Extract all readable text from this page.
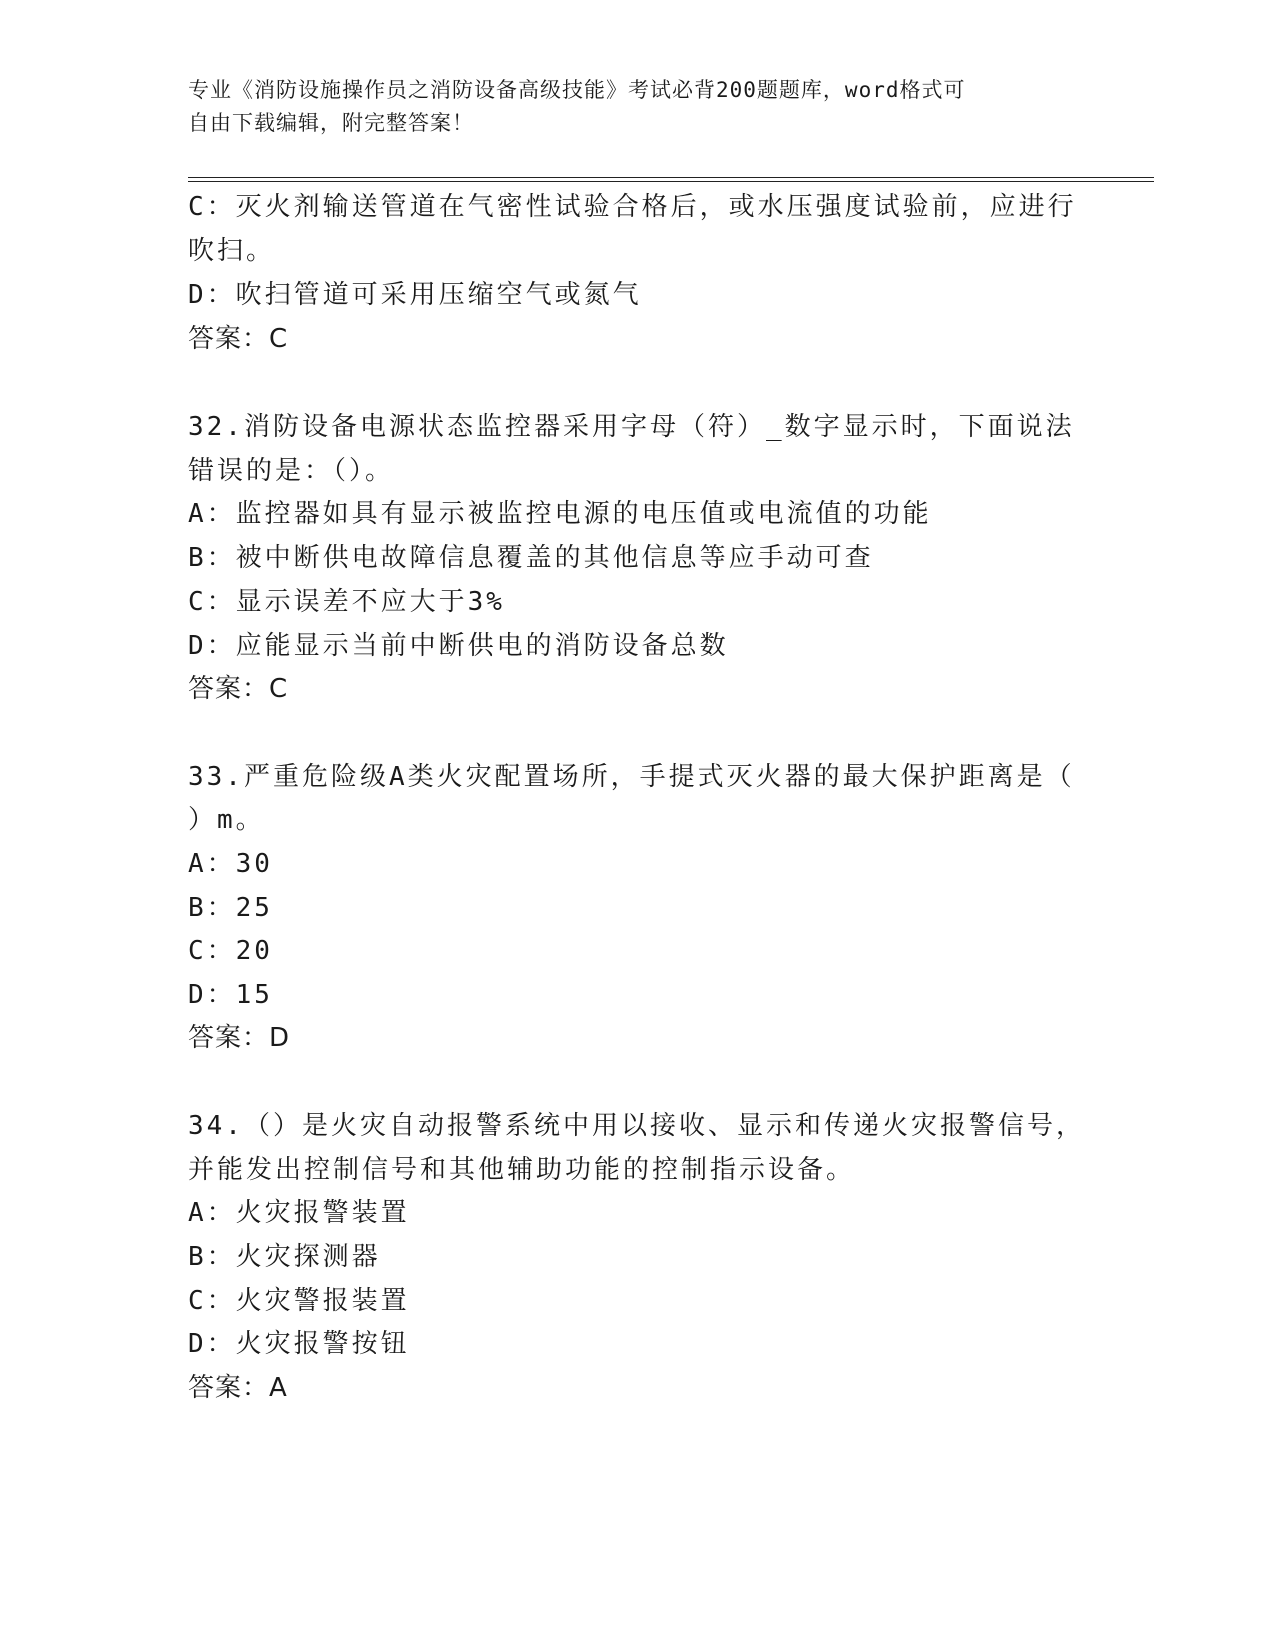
专业《消防设施操作员之消防设备高级技能》考试必背200题题库，word格式可
自由下载编辑，附完整答案！
C：灭火剂输送管道在气密性试验合格后，或水压强度试验前，应进行
吹扫。
D：吹扫管道可采用压缩空气或氮气
答案：C
32.消防设备电源状态监控器采用字母（符）_数字显示时，下面说法
错误的是：（）。
A：监控器如具有显示被监控电源的电压值或电流值的功能
B：被中断供电故障信息覆盖的其他信息等应手动可查
C：显示误差不应大于3%
D：应能显示当前中断供电的消防设备总数
答案：C
33.严重危险级A类火灾配置场所，手提式灭火器的最大保护距离是（
）m。
A：30
B：25
C：20
D：15
答案：D
34.（）是火灾自动报警系统中用以接收、显示和传递火灾报警信号，
并能发出控制信号和其他辅助功能的控制指示设备。
A：火灾报警装置
B：火灾探测器
C：火灾警报装置
D：火灾报警按钮
答案：A
